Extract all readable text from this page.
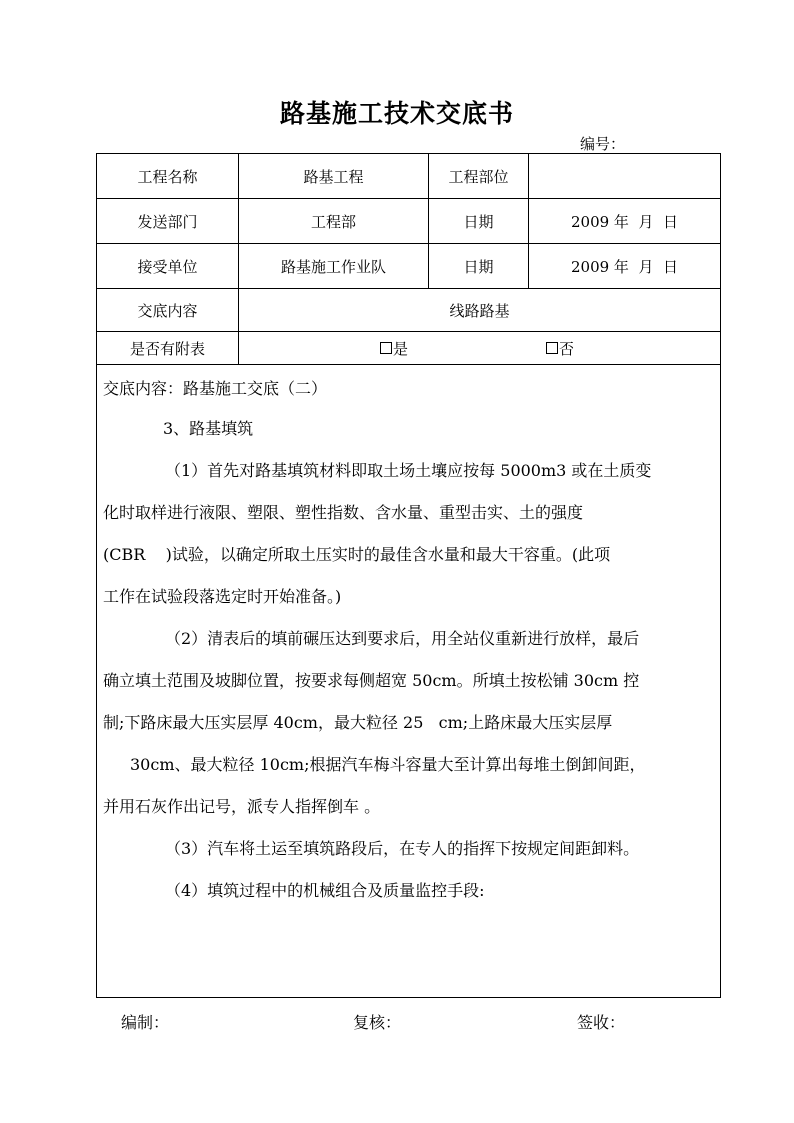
路基施工技术交底书
编号：
工程名称	路基工程	工程部位
发送部门	工程部	日期	2009 年  月  日
接受单位	路基施工作业队	日期	2009 年  月  日
交底内容	线路路基
是否有附表	是	否
交底内容：路基施工交底（二）
3、路基填筑
（1）首先对路基填筑材料即取土场土壤应按每 5000m3 或在土质变
化时取样进行液限、塑限、塑性指数、含水量、重型击实、土的强度
(CBR    )试验，以确定所取土压实时的最佳含水量和最大干容重。(此项
工作在试验段落选定时开始准备。)
（2）清表后的填前碾压达到要求后，用全站仪重新进行放样，最后
确立填土范围及坡脚位置，按要求每侧超宽 50cm。所填土按松铺 30cm 控
制;下路床最大压实层厚 40cm，最大粒径 25   cm;上路床最大压实层厚
30cm、最大粒径 10cm;根据汽车梅斗容量大至计算出每堆土倒卸间距，
并用石灰作出记号，派专人指挥倒车 。
（3）汽车将土运至填筑路段后，在专人的指挥下按规定间距卸料。
（4）填筑过程中的机械组合及质量监控手段:
编制：	复核：	签收：
